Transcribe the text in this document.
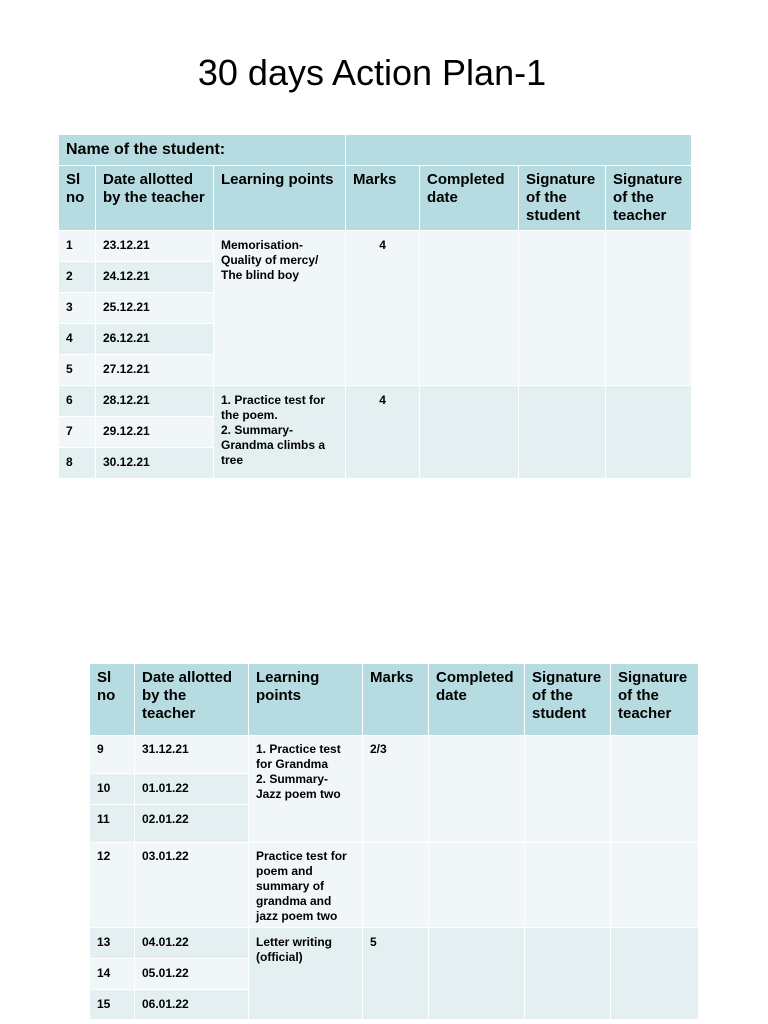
30 days Action Plan-1
Name of the student:						
Sl no	Date allotted by the teacher	Learning points	Marks	Completed date	Signature of the student	Signature of the teacher
1	23.12.21	Memorisation-
Quality of mercy/
The blind boy	4			
2	24.12.21					
3	25.12.21					
4	26.12.21					
5	27.12.21					
6	28.12.21	1. Practice test for
the poem.
2. Summary-
Grandma climbs a
tree	4			
7	29.12.21					
8	30.12.21					
Sl no	Date allotted by the teacher	Learning points	Marks	Completed date	Signature of the student	Signature of the teacher
9	31.12.21	1. Practice test
for Grandma
2. Summary-
Jazz poem two	2/3			
10	01.01.22					
11	02.01.22					
12	03.01.22	Practice test for
poem and
summary of
grandma and
jazz poem two				

13	04.01.22	Letter writing
(official)	5			
14	05.01.22					
15	06.01.22					
